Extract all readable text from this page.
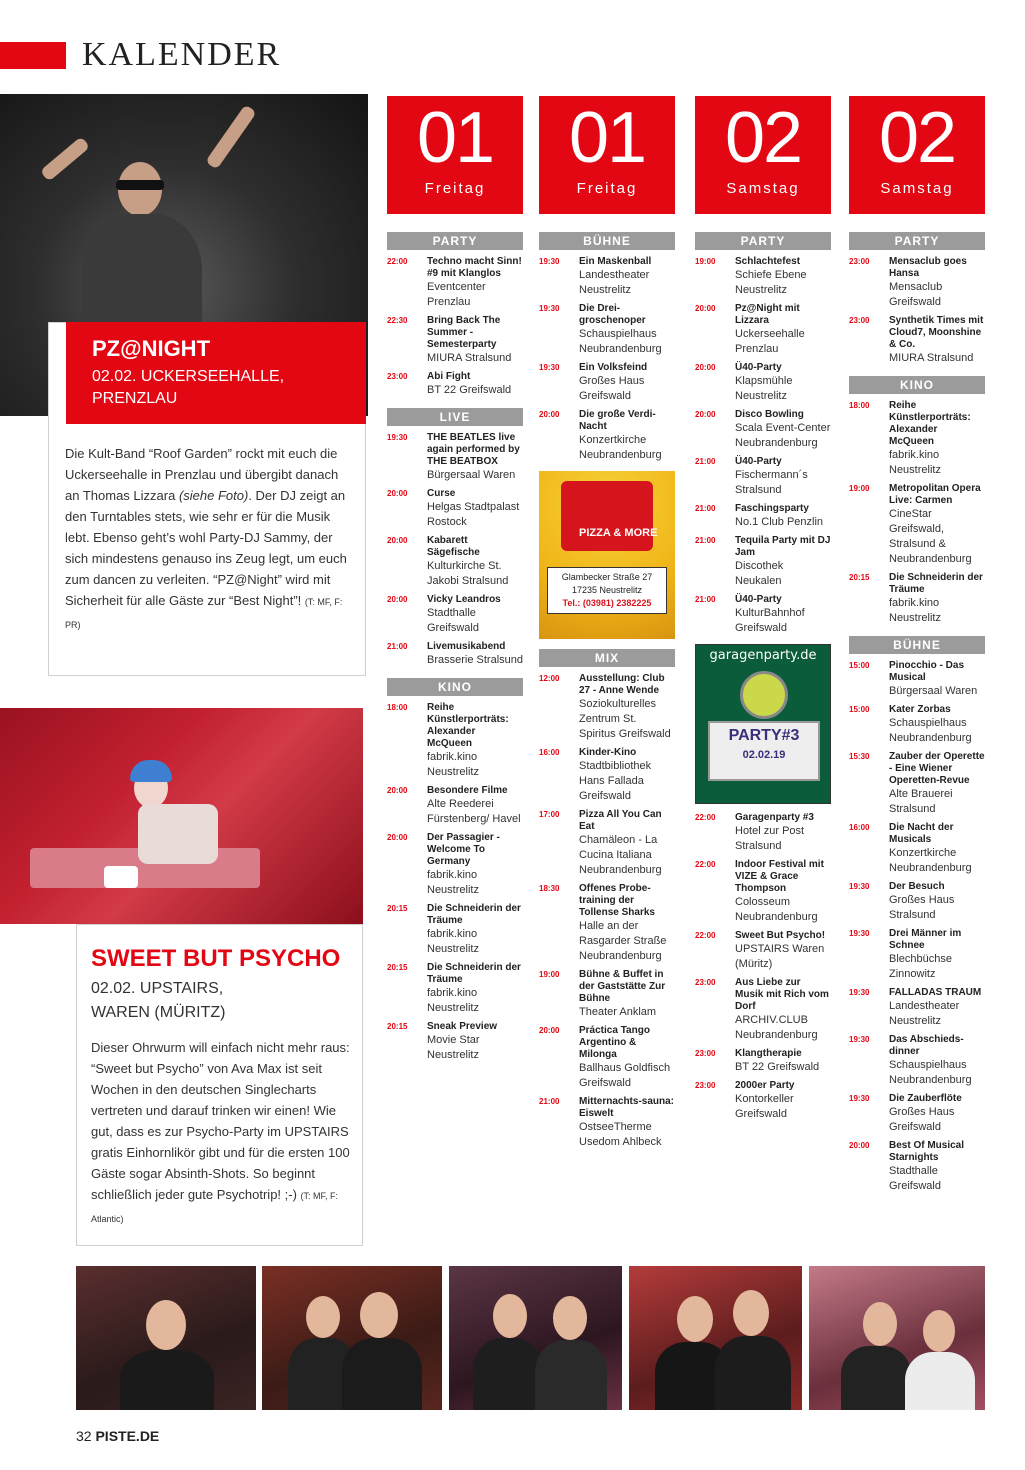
KALENDER
Die Kult-Band “Roof Garden” rockt mit euch die Uckerseehalle in Prenzlau und übergibt danach an Thomas Lizzara (siehe Foto). Der DJ zeigt an den Turntables stets, wie sehr er für die Musik lebt. Ebenso geht’s wohl Party-DJ Sammy, der sich mindestens genauso ins Zeug legt, um euch zum dancen zu verleiten. “PZ@Night” wird mit Sicherheit für alle Gäste zur “Best Night”! (T: MF, F: PR)
PZ@NIGHT
02.02. UCKERSEEHALLE,
PRENZLAU
SWEET BUT PSYCHO
02.02. UPSTAIRS,
WAREN (MÜRITZ)
Dieser Ohrwurm will einfach nicht mehr raus: “Sweet but Psycho” von Ava Max ist seit Wochen in den deutschen Singlecharts vertreten und darauf trinken wir einen! Wie gut, dass es zur Psycho-Party im UPSTAIRS gratis Einhornlikör gibt und für die ersten 100 Gäste sogar Absinth-Shots. So beginnt schließlich jeder gute Psychotrip! ;-) (T: MF, F: Atlantic)
01
Freitag
01
Freitag
02
Samstag
02
Samstag
PARTY
22:00	Techno macht Sinn! #9 mit Klanglos
Eventcenter Prenzlau
22:30	Bring Back The Summer - Semesterparty
MIURA Stralsund
23:00	Abi Fight
BT 22 Greifswald
LIVE
19:30	THE BEATLES live again performed by THE BEATBOX
Bürgersaal Waren
20:00	Curse
Helgas Stadtpalast Rostock
20:00	Kabarett Sägefische
Kulturkirche St. Jakobi Stralsund
20:00	Vicky Leandros
Stadthalle Greifswald
21:00	Livemusikabend
Brasserie Stralsund
KINO
18:00	Reihe Künstlerporträts: Alexander McQueen
fabrik.kino Neustrelitz
20:00	Besondere Filme
Alte Reederei Fürstenberg/ Havel
20:00	Der Passagier - Welcome To Germany
fabrik.kino Neustrelitz
20:15	Die Schneiderin der Träume
fabrik.kino Neustrelitz
20:15	Die Schneiderin der Träume
fabrik.kino Neustrelitz
20:15	Sneak Preview
Movie Star Neustrelitz
BÜHNE
19:30	Ein Maskenball
Landestheater Neustrelitz
19:30	Die Drei-groschenoper
Schauspielhaus Neubrandenburg
19:30	Ein Volksfeind
Großes Haus Greifswald
20:00	Die große Verdi-Nacht
Konzertkirche Neubrandenburg
PIZZA & MORE
Glambecker Straße 27
17235 Neustrelitz
Tel.: (03981) 2382225
MIX
12:00	Ausstellung: Club 27 - Anne Wende
Soziokulturelles Zentrum St. Spiritus Greifswald
16:00	Kinder-Kino
Stadtbibliothek Hans Fallada Greifswald
17:00	Pizza All You Can Eat
Chamäleon - La Cucina Italiana Neubrandenburg
18:30	Offenes Probe-training der Tollense Sharks
Halle an der Rasgarder Straße Neubrandenburg
19:00	Bühne & Buffet in der Gaststätte Zur Bühne
Theater Anklam
20:00	Práctica Tango Argentino & Milonga
Ballhaus Goldfisch Greifswald
21:00	Mitternachts-sauna: Eiswelt
OstseeTherme Usedom Ahlbeck
PARTY
19:00	Schlachtefest
Schiefe Ebene Neustrelitz
20:00	Pz@Night mit Lizzara
Uckerseehalle Prenzlau
20:00	Ü40-Party
Klapsmühle Neustrelitz
20:00	Disco Bowling
Scala Event-Center Neubrandenburg
21:00	Ü40-Party
Fischermann´s Stralsund
21:00	Faschingsparty
No.1 Club Penzlin
21:00	Tequila Party mit DJ Jam
Discothek Neukalen
21:00	Ü40-Party
KulturBahnhof Greifswald
garagenparty.de
PARTY#3
02.02.19
22:00	Garagenparty #3
Hotel zur Post Stralsund
22:00	Indoor Festival mit VIZE & Grace Thompson
Colosseum Neubrandenburg
22:00	Sweet But Psycho!
UPSTAIRS Waren (Müritz)
23:00	Aus Liebe zur Musik mit Rich vom Dorf
ARCHIV.CLUB Neubrandenburg
23:00	Klangtherapie
BT 22 Greifswald
23:00	2000er Party
Kontorkeller Greifswald
PARTY
23:00	Mensaclub goes Hansa
Mensaclub Greifswald
23:00	Synthetik Times mit Cloud7, Moonshine & Co.
MIURA Stralsund
KINO
18:00	Reihe Künstlerporträts: Alexander McQueen
fabrik.kino Neustrelitz
19:00	Metropolitan Opera Live: Carmen
CineStar Greifswald, Stralsund & Neubrandenburg
20:15	Die Schneiderin der Träume
fabrik.kino Neustrelitz
BÜHNE
15:00	Pinocchio - Das Musical
Bürgersaal Waren
15:00	Kater Zorbas
Schauspielhaus Neubrandenburg
15:30	Zauber der Operette - Eine Wiener Operetten-Revue
Alte Brauerei Stralsund
16:00	Die Nacht der Musicals
Konzertkirche Neubrandenburg
19:30	Der Besuch
Großes Haus Stralsund
19:30	Drei Männer im Schnee
Blechbüchse Zinnowitz
19:30	FALLADAS TRAUM
Landestheater Neustrelitz
19:30	Das Abschieds-dinner
Schauspielhaus Neubrandenburg
19:30	Die Zauberflöte
Großes Haus Greifswald
20:00	Best Of Musical Starnights
Stadthalle Greifswald
32 PISTE.DE
